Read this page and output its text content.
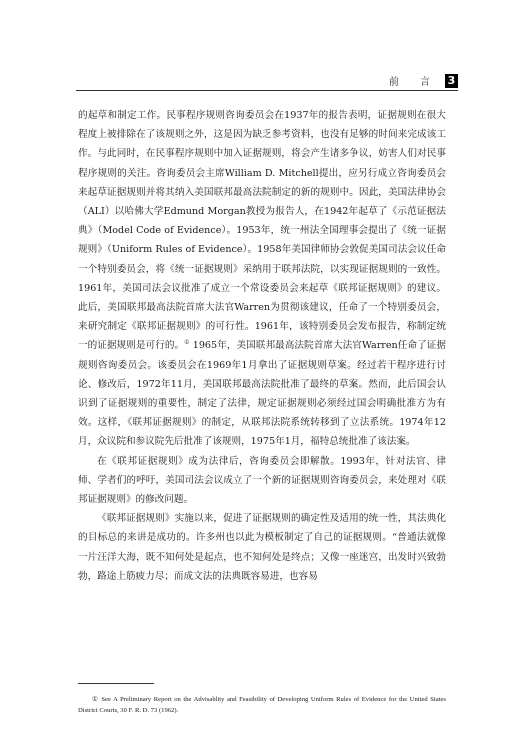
前 言 3

的起草和制定工作。民事程序规则咨询委员会在1937年的报告表明，证据规则在很大程度上被排除在了该规则之外，这是因为缺乏参考资料，也没有足够的时间来完成该工作。与此同时，在民事程序规则中加入证据规则，将会产生诸多争议，妨害人们对民事程序规则的关注。咨询委员会主席William D. Mitchell提出，应另行成立咨询委员会来起草证据规则并将其纳入美国联邦最高法院制定的新的规则中。因此，美国法律协会（ALI）以哈佛大学Edmund Morgan教授为报告人，在1942年起草了《示范证据法典》（Model Code of Evidence）。1953年，统一州法全国理事会提出了《统一证据规则》（Uniform Rules of Evidence）。1958年美国律师协会敦促美国司法会议任命一个特别委员会，将《统一证据规则》采纳用于联邦法院，以实现证据规则的一致性。1961年，美国司法会议批准了成立一个常设委员会来起草《联邦证据规则》的建议。此后，美国联邦最高法院首席大法官Warren为贯彻该建议，任命了一个特别委员会，来研究制定《联邦证据规则》的可行性。1961年，该特别委员会发布报告，称制定统一的证据规则是可行的。① 1965年，美国联邦最高法院首席大法官Warren任命了证据规则咨询委员会。该委员会在1969年1月拿出了证据规则草案。经过若干程序进行讨论、修改后，1972年11月，美国联邦最高法院批准了最终的草案。然而，此后国会认识到了证据规则的重要性，制定了法律，规定证据规则必须经过国会明确批准方为有效。这样，《联邦证据规则》的制定，从联邦法院系统转移到了立法系统。1974年12月，众议院和参议院先后批准了该规则，1975年1月，福特总统批准了该法案。

在《联邦证据规则》成为法律后，咨询委员会即解散。1993年，针对法官、律师、学者们的呼吁，美国司法会议成立了一个新的证据规则咨询委员会，来处理对《联邦证据规则》的修改问题。

《联邦证据规则》实施以来，促进了证据规则的确定性及适用的统一性，其法典化的目标总的来讲是成功的。许多州也以此为模板制定了自己的证据规则。“普通法就像一片汪洋大海，既不知何处是起点，也不知何处是终点；又像一座迷宫，出发时兴致勃勃，路途上筋疲力尽；而成文法的法典既容易进，也容易

① See A Preliminary Report on the Advisablity and Feasibility of Developing Uniform Rules of Evidence for the United States District Courts, 30 F. R. D. 73 (1962).
